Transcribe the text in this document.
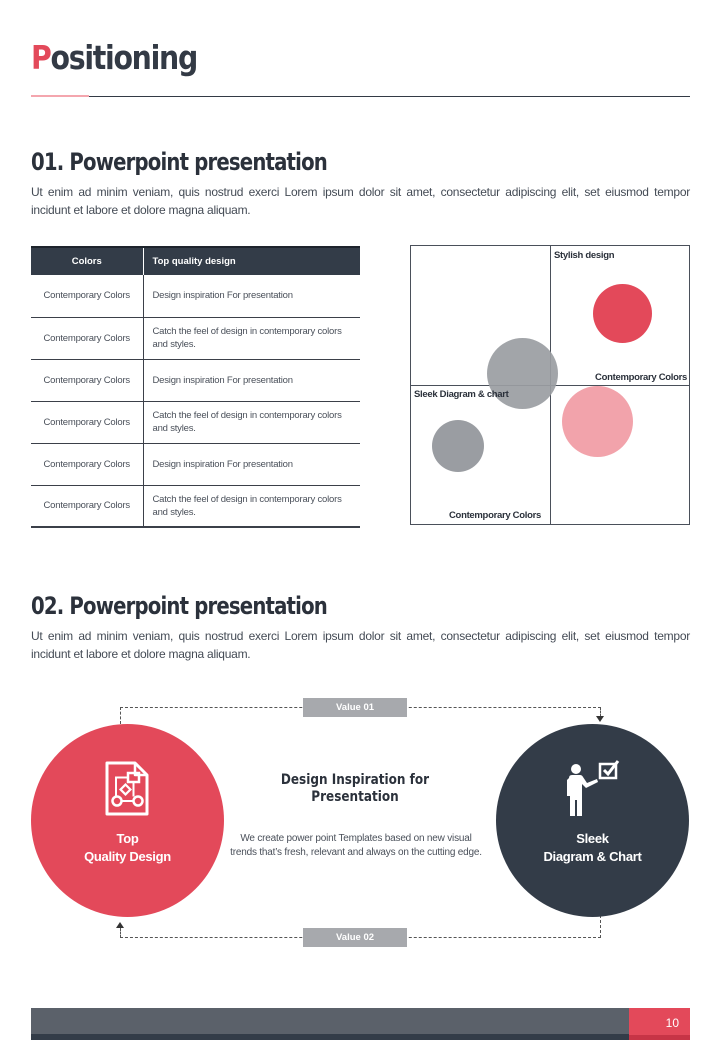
Positioning
01. Powerpoint presentation
Ut enim ad minim veniam, quis nostrud exerci Lorem ipsum dolor sit amet, consectetur adipiscing elit, set eiusmod tempor incidunt et labore et dolore magna aliquam.
Colors	Top quality design
Contemporary Colors	Design inspiration For presentation
Contemporary Colors	Catch the feel of design in contemporary colors and styles.
Contemporary Colors	Design inspiration For presentation
Contemporary Colors	Catch the feel of design in contemporary colors and styles.
Contemporary Colors	Design inspiration For presentation
Contemporary Colors	Catch the feel of design in contemporary colors and styles.
Stylish design
Contemporary Colors
Sleek Diagram & chart
Contemporary Colors
02. Powerpoint presentation
Ut enim ad minim veniam, quis nostrud exerci Lorem ipsum dolor sit amet, consectetur adipiscing elit, set eiusmod tempor incidunt et labore et dolore magna aliquam.
Value 01
Value 02
Top
Quality Design
Sleek
Diagram & Chart
Design Inspiration for
Presentation
We create power point Templates based on new visual
trends that’s fresh, relevant and always on the cutting edge.
10
